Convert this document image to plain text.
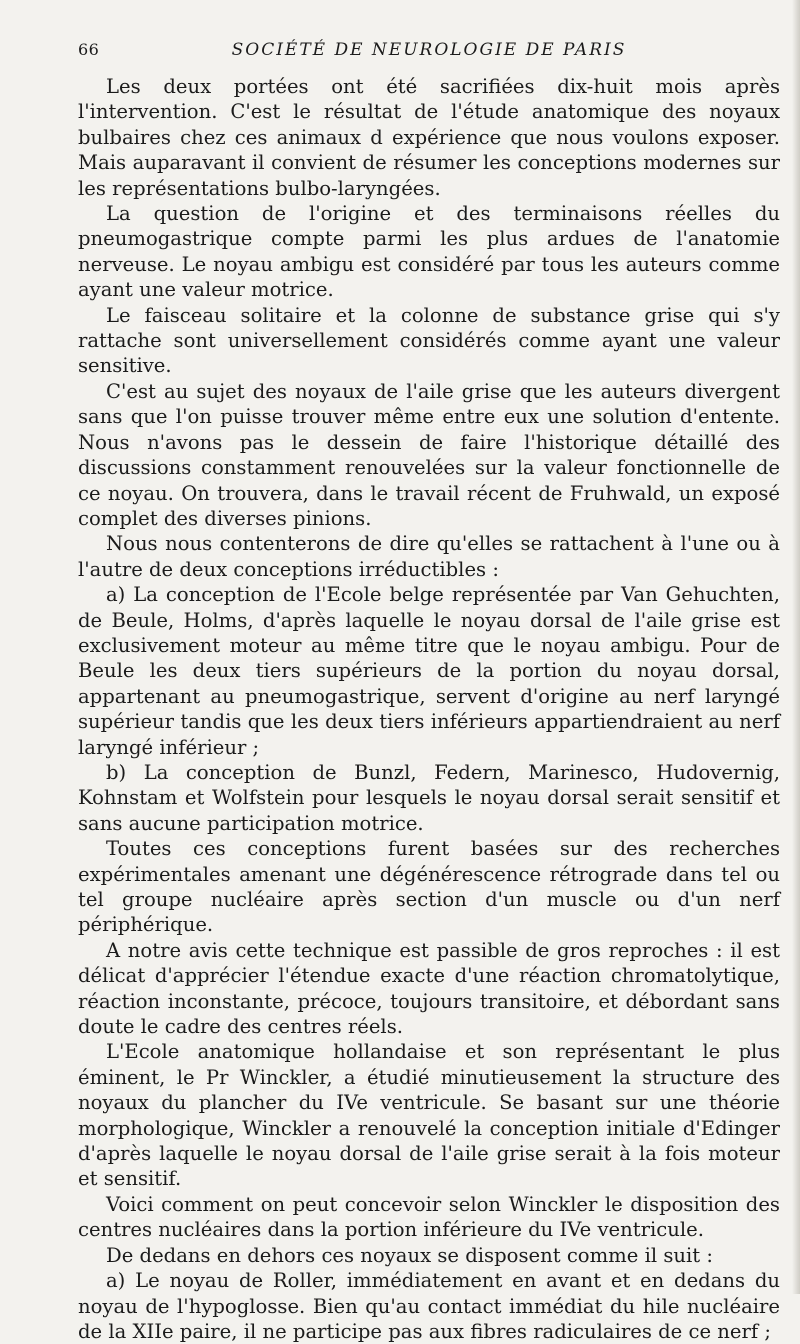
66	SOCIÉTÉ DE NEUROLOGIE DE PARIS

Les deux portées ont été sacrifiées dix-huit mois après l'intervention. C'est le résultat de l'étude anatomique des noyaux bulbaires chez ces animaux d expérience que nous voulons exposer. Mais auparavant il convient de résumer les conceptions modernes sur les représentations bulbo-laryngées.

La question de l'origine et des terminaisons réelles du pneumogastrique compte parmi les plus ardues de l'anatomie nerveuse. Le noyau ambigu est considéré par tous les auteurs comme ayant une valeur motrice.

Le faisceau solitaire et la colonne de substance grise qui s'y rattache sont universellement considérés comme ayant une valeur sensitive.

C'est au sujet des noyaux de l'aile grise que les auteurs divergent sans que l'on puisse trouver même entre eux une solution d'entente. Nous n'avons pas le dessein de faire l'historique détaillé des discussions constamment renouvelées sur la valeur fonctionnelle de ce noyau. On trouvera, dans le travail récent de Fruhwald, un exposé complet des diverses pinions.

Nous nous contenterons de dire qu'elles se rattachent à l'une ou à l'autre de deux conceptions irréductibles :

a) La conception de l'Ecole belge représentée par Van Gehuchten, de Beule, Holms, d'après laquelle le noyau dorsal de l'aile grise est exclusivement moteur au même titre que le noyau ambigu. Pour de Beule les deux tiers supérieurs de la portion du noyau dorsal, appartenant au pneumogastrique, servent d'origine au nerf laryngé supérieur tandis que les deux tiers inférieurs appartiendraient au nerf laryngé inférieur ;

b) La conception de Bunzl, Federn, Marinesco, Hudovernig, Kohnstam et Wolfstein pour lesquels le noyau dorsal serait sensitif et sans aucune participation motrice.

Toutes ces conceptions furent basées sur des recherches expérimentales amenant une dégénérescence rétrograde dans tel ou tel groupe nucléaire après section d'un muscle ou d'un nerf périphérique.

A notre avis cette technique est passible de gros reproches : il est délicat d'apprécier l'étendue exacte d'une réaction chromatolytique, réaction inconstante, précoce, toujours transitoire, et débordant sans doute le cadre des centres réels.

L'Ecole anatomique hollandaise et son représentant le plus éminent, le Pr Winckler, a étudié minutieusement la structure des noyaux du plancher du IVe ventricule. Se basant sur une théorie morphologique, Winckler a renouvelé la conception initiale d'Edinger d'après laquelle le noyau dorsal de l'aile grise serait à la fois moteur et sensitif.

Voici comment on peut concevoir selon Winckler le disposition des centres nucléaires dans la portion inférieure du IVe ventricule.

De dedans en dehors ces noyaux se disposent comme il suit :

a) Le noyau de Roller, immédiatement en avant et en dedans du noyau de l'hypoglosse. Bien qu'au contact immédiat du hile nucléaire de la XIIe paire, il ne participe pas aux fibres radiculaires de ce nerf ;
